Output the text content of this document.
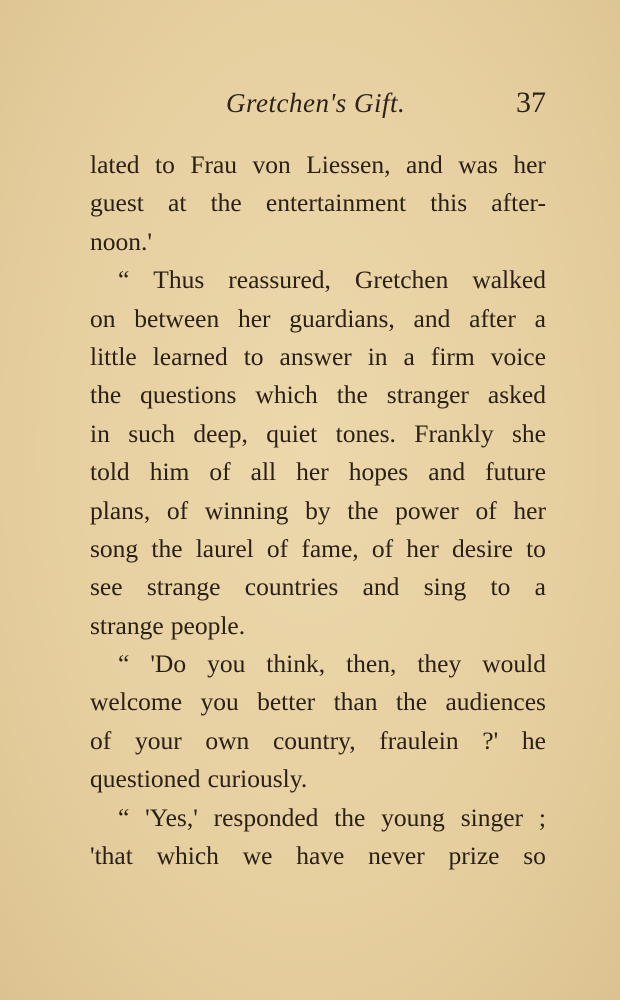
Gretchen's Gift.	37
lated to Frau von Liessen, and was her
guest at the entertainment this after-
noon.'
“ Thus reassured, Gretchen walked
on between her guardians, and after a
little learned to answer in a firm voice
the questions which the stranger asked
in such deep, quiet tones. Frankly she
told him of all her hopes and future
plans, of winning by the power of her
song the laurel of fame, of her desire to
see strange countries and sing to a
strange people.
“ 'Do you think, then, they would
welcome you better than the audiences
of your own country, fraulein ?' he
questioned curiously.
“ 'Yes,' responded the young singer ;
'that which we have never prize so
